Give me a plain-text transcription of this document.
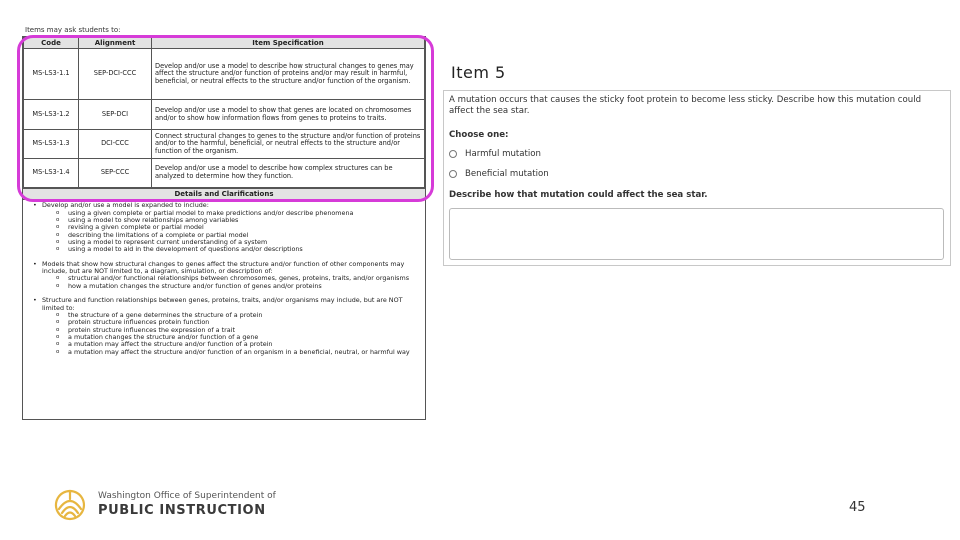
Items may ask students to:
Code	Alignment	Item Specification
MS-LS3-1.1	SEP-DCI-CCC	Develop and/or use a model to describe how structural changes to genes may affect the structure and/or function of proteins and/or may result in harmful, beneficial, or neutral effects to the structure and/or function of the organism.
MS-LS3-1.2	SEP-DCI	Develop and/or use a model to show that genes are located on chromosomes and/or to show how information flows from genes to proteins to traits.
MS-LS3-1.3	DCI-CCC	Connect structural changes to genes to the structure and/or function of proteins and/or to the harmful, beneficial, or neutral effects to the structure and/or function of the organism.
MS-LS3-1.4	SEP-CCC	Develop and/or use a model to describe how complex structures can be analyzed to determine how they function.
Details and Clarifications
• Develop and/or use a model is expanded to include:
o using a given complete or partial model to make predictions and/or describe phenomena
o using a model to show relationships among variables
o revising a given complete or partial model
o describing the limitations of a complete or partial model
o using a model to represent current understanding of a system
o using a model to aid in the development of questions and/or descriptions
• Models that show how structural changes to genes affect the structure and/or function of other components may include, but are NOT limited to, a diagram, simulation, or description of:
o structural and/or functional relationships between chromosomes, genes, proteins, traits, and/or organisms
o how a mutation changes the structure and/or function of genes and/or proteins
• Structure and function relationships between genes, proteins, traits, and/or organisms may include, but are NOT limited to:
o the structure of a gene determines the structure of a protein
o protein structure influences protein function
o protein structure influences the expression of a trait
o a mutation changes the structure and/or function of a gene
o a mutation may affect the structure and/or function of a protein
o a mutation may affect the structure and/or function of an organism in a beneficial, neutral, or harmful way
Item 5
A mutation occurs that causes the sticky foot protein to become less sticky. Describe how this mutation could affect the sea star.
Choose one:
Harmful mutation
Beneficial mutation
Describe how that mutation could affect the sea star.
Washington Office of Superintendent of
PUBLIC INSTRUCTION	45
